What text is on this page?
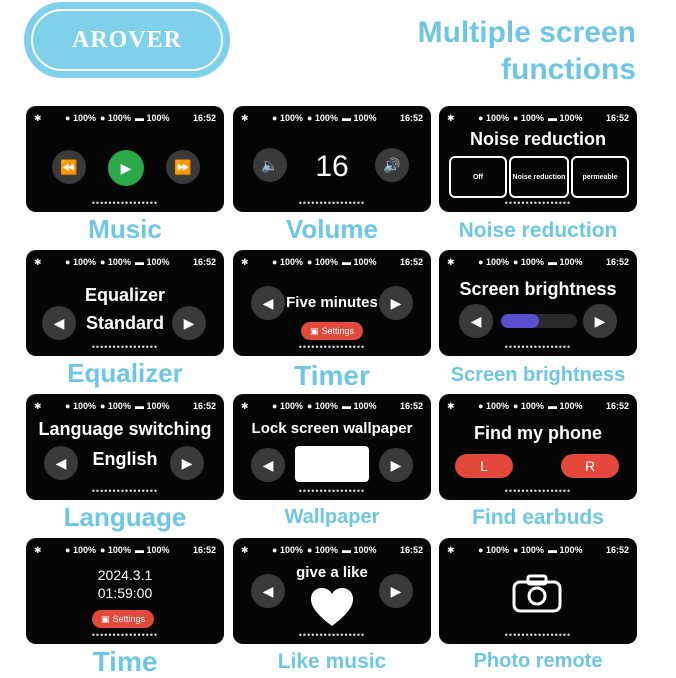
AROVER	Multiple screen
functions
✱	● 100% ● 100% ▬ 100%	16:52
••••••••••••••••
⏪	▶	⏩
Music
✱	● 100% ● 100% ▬ 100%	16:52
••••••••••••••••
🔈	16	🔊
Volume
✱	● 100% ● 100% ▬ 100%	16:52
••••••••••••••••
Noise reduction
Off	Noise reduction	permeable
Noise reduction
✱	● 100% ● 100% ▬ 100%	16:52
••••••••••••••••
Equalizer
◀	Standard	▶
Equalizer
✱	● 100% ● 100% ▬ 100%	16:52
••••••••••••••••
◀ Five minutes ▶
▣ Settings
Timer
✱	● 100% ● 100% ▬ 100%	16:52
••••••••••••••••
Screen brightness
◀	▶
Screen brightness
✱	● 100% ● 100% ▬ 100%	16:52
••••••••••••••••
Language switching
◀	English	▶
Language
✱	● 100% ● 100% ▬ 100%	16:52
••••••••••••••••
Lock screen wallpaper
◀	▶
Wallpaper
✱	● 100% ● 100% ▬ 100%	16:52
••••••••••••••••
Find my phone
L	R
Find earbuds
✱	● 100% ● 100% ▬ 100%	16:52
••••••••••••••••
2024.3.1
01:59:00
▣ Settings
Time
✱	● 100% ● 100% ▬ 100%	16:52
••••••••••••••••
give a like
◀	▶
Like music
✱	● 100% ● 100% ▬ 100%	16:52
••••••••••••••••
Photo remote
